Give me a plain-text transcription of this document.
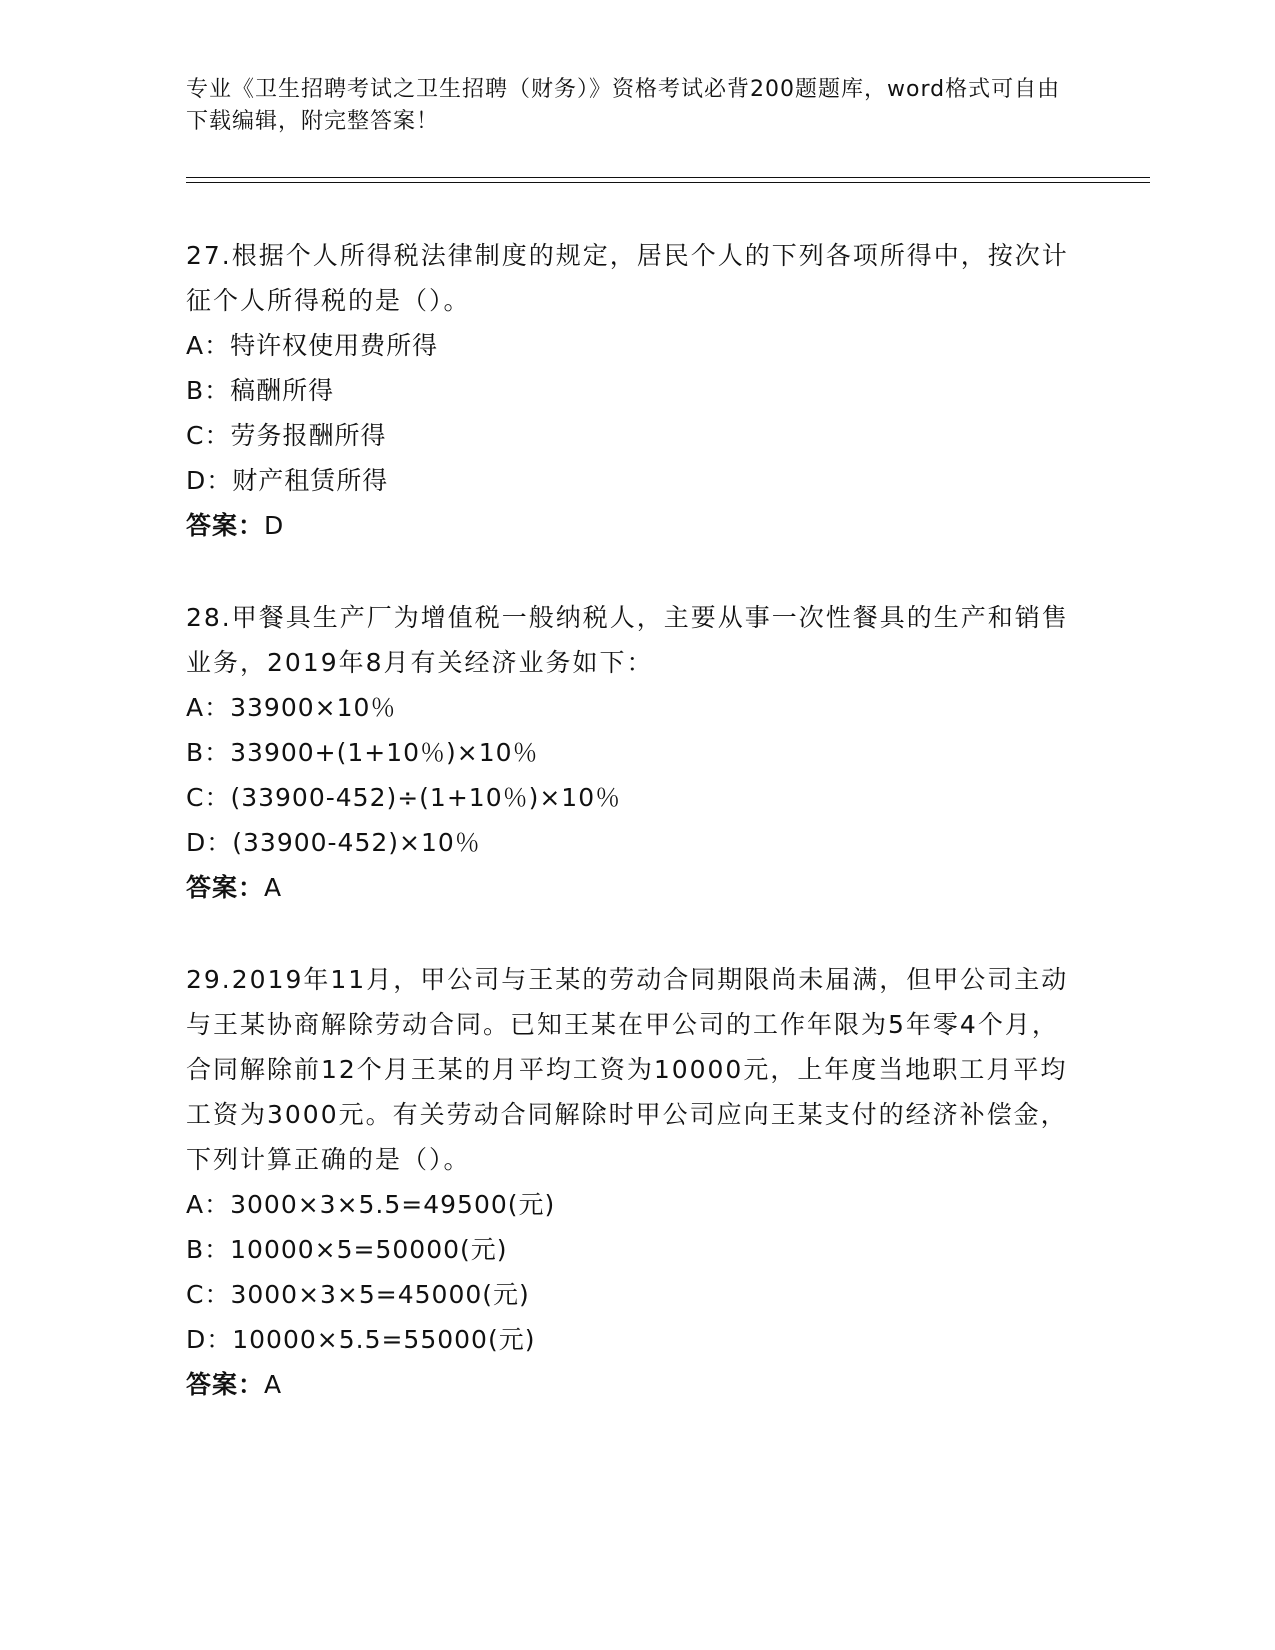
专业《卫生招聘考试之卫生招聘（财务）》资格考试必背200题题库，word格式可自由下载编辑，附完整答案！
27.根据个人所得税法律制度的规定，居民个人的下列各项所得中，按次计征个人所得税的是（）。
A：特许权使用费所得
B：稿酬所得
C：劳务报酬所得
D：财产租赁所得
答案：D
28.甲餐具生产厂为增值税一般纳税人，主要从事一次性餐具的生产和销售业务，2019年8月有关经济业务如下：
A：33900×10％
B：33900+(1+10％)×10％
C：(33900-452)÷(1+10％)×10％
D：(33900-452)×10％
答案：A
29.2019年11月，甲公司与王某的劳动合同期限尚未届满，但甲公司主动与王某协商解除劳动合同。已知王某在甲公司的工作年限为5年零4个月，合同解除前12个月王某的月平均工资为10000元，上年度当地职工月平均工资为3000元。有关劳动合同解除时甲公司应向王某支付的经济补偿金，下列计算正确的是（）。
A：3000×3×5.5=49500(元)
B：10000×5=50000(元)
C：3000×3×5=45000(元)
D：10000×5.5=55000(元)
答案：A
